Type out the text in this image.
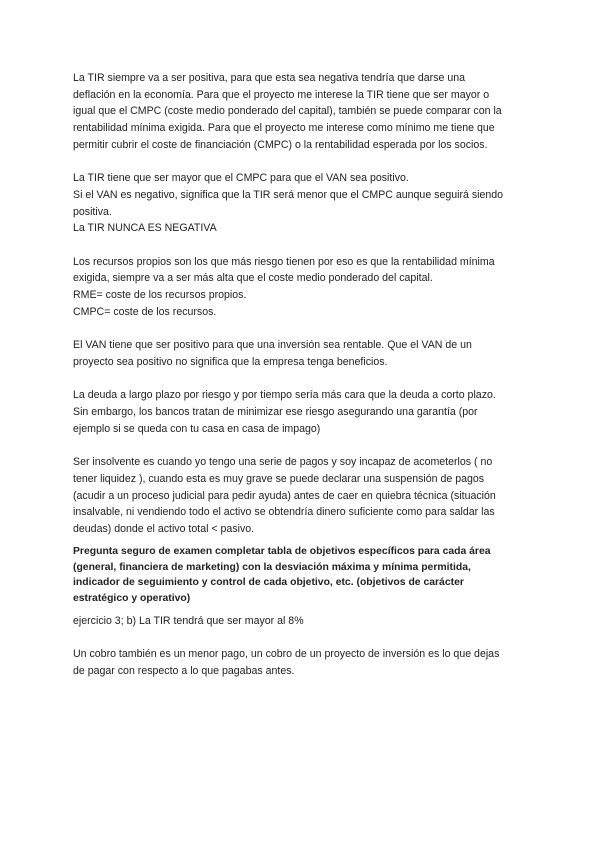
La TIR siempre va a ser positiva, para que esta sea negativa tendría que darse una
deflación en la economía. Para que el proyecto me interese la TIR tiene que ser mayor o
igual que el CMPC (coste medio ponderado del capital), también se puede comparar con la
rentabilidad mínima exigida. Para que el proyecto me interese como mínimo me tiene que
permitir cubrir el coste de financiación (CMPC) o la rentabilidad esperada por los socios.

La TIR tiene que ser mayor que el CMPC para que el VAN sea positivo.
Si el VAN es negativo, significa que la TIR será menor que el CMPC aunque seguirá siendo
positiva.
La TIR NUNCA ES NEGATIVA

Los recursos propios son los que más riesgo tienen por eso es que la rentabilidad mínima
exigida, siempre va a ser más alta que el coste medio ponderado del capital.
RME= coste de los recursos propios.
CMPC= coste de los recursos.

El VAN tiene que ser positivo para que una inversión sea rentable. Que el VAN de un
proyecto sea positivo no significa que la empresa tenga beneficios.

La deuda a largo plazo por riesgo y por tiempo sería más cara que la deuda a corto plazo.
Sin embargo, los bancos tratan de minimizar ese riesgo asegurando una garantía (por
ejemplo si se queda con tu casa en casa de impago)

Ser insolvente es cuando yo tengo una serie de pagos y soy incapaz de acometerlos ( no
tener liquidez ), cuando esta es muy grave se puede declarar una suspensión de pagos
(acudir a un proceso judicial para pedir ayuda) antes de caer en quiebra técnica (situación
insalvable, ni vendiendo todo el activo se obtendría dinero suficiente como para saldar las
deudas) donde el activo total < pasivo.

Pregunta seguro de examen completar tabla de objetivos específicos para cada área
(general, financiera de marketing) con la desviación máxima y mínima permitida,
indicador de seguimiento y control de cada objetivo, etc. (objetivos de carácter
estratégico y operativo)
ejercicio 3; b) La TIR tendrá que ser mayor al 8%
Un cobro también es un menor pago, un cobro de un proyecto de inversión es lo que dejas
de pagar con respecto a lo que pagabas antes.
